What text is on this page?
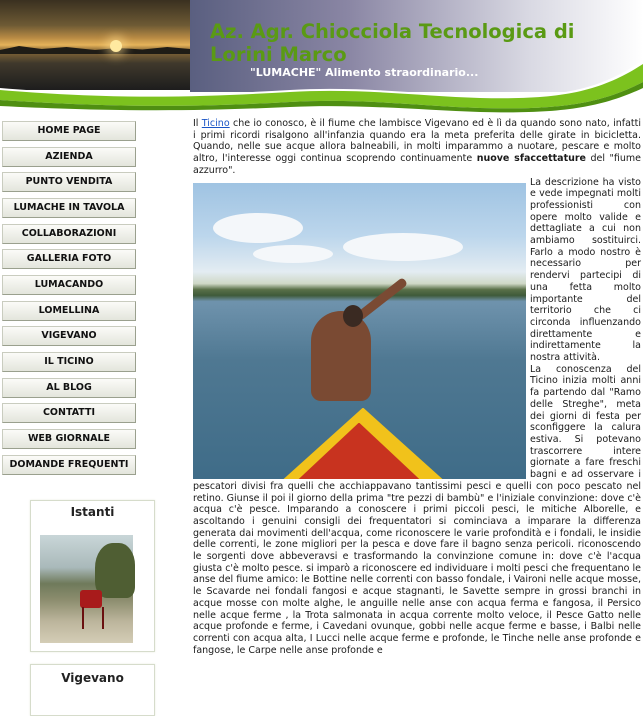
Az. Agr. Chiocciola Tecnologica di Lorini Marco
"LUMACHE" Alimento straordinario...
HOME PAGE
AZIENDA
PUNTO VENDITA
LUMACHE IN TAVOLA
COLLABORAZIONI
GALLERIA FOTO
LUMACANDO
LOMELLINA
VIGEVANO
IL TICINO
AL BLOG
CONTATTI
WEB GIORNALE
DOMANDE FREQUENTI
Istanti
Vigevano

Il Ticino che io conosco, è il fiume che lambisce Vigevano ed è lì da quando sono nato, infatti i primi ricordi risalgono all'infanzia quando era la meta preferita delle girate in bicicletta. Quando, nelle sue acque allora balneabili, in molti imparammo a nuotare, pescare e molto altro, l'interesse oggi continua scoprendo continuamente nuove sfaccettature del "fiume azzurro".

La descrizione ha visto e vede impegnati molti professionisti con opere molto valide e dettagliate a cui non ambiamo sostituirci. Farlo a modo nostro è necessario per rendervi partecipi di una fetta molto importante del territorio che ci circonda influenzando direttamente e indirettamente la nostra attività.

La conoscenza del Ticino inizia molti anni fa partendo dal "Ramo delle Streghe", meta dei giorni di festa per sconfiggere la calura estiva. Si potevano trascorrere intere giornate a fare freschi bagni e ad osservare i pescatori divisi fra quelli che acchiappavano tantissimi pesci e quelli con poco pescato nel retino. Giunse il poi il giorno della prima "tre pezzi di bambù" e l'iniziale convinzione: dove c'è acqua c'è pesce. Imparando a conoscere i primi piccoli pesci, le mitiche Alborelle, e ascoltando i genuini consigli dei frequentatori si cominciava a imparare la differenza generata dai movimenti dell'acqua, come riconoscere le varie profondità e i fondali, le insidie delle correnti, le zone migliori per la pesca e dove fare il bagno senza pericoli. riconoscendo le sorgenti dove abbeveravsi e trasformando la convinzione comune in: dove c'è l'acqua giusta c'è molto pesce. si imparò a riconoscere ed individuare i molti pesci che frequentano le anse del fiume amico: le Bottine nelle correnti con basso fondale, i Vaironi nelle acque mosse, le Scavarde nei fondali fangosi e acque stagnanti, le Savette sempre in grossi branchi in acque mosse con molte alghe, le anguille nelle anse con acqua ferma e fangosa, il Persico nelle acque ferme , la Trota salmonata in acqua corrente molto veloce, il Pesce Gatto nelle acque profonde e ferme, i Cavedani ovunque, gobbi nelle acque ferme e basse, i Balbi nelle correnti con acqua alta, I Lucci nelle acque ferme e profonde, le Tinche nelle anse profonde e fangose, le Carpe nelle anse profonde e
